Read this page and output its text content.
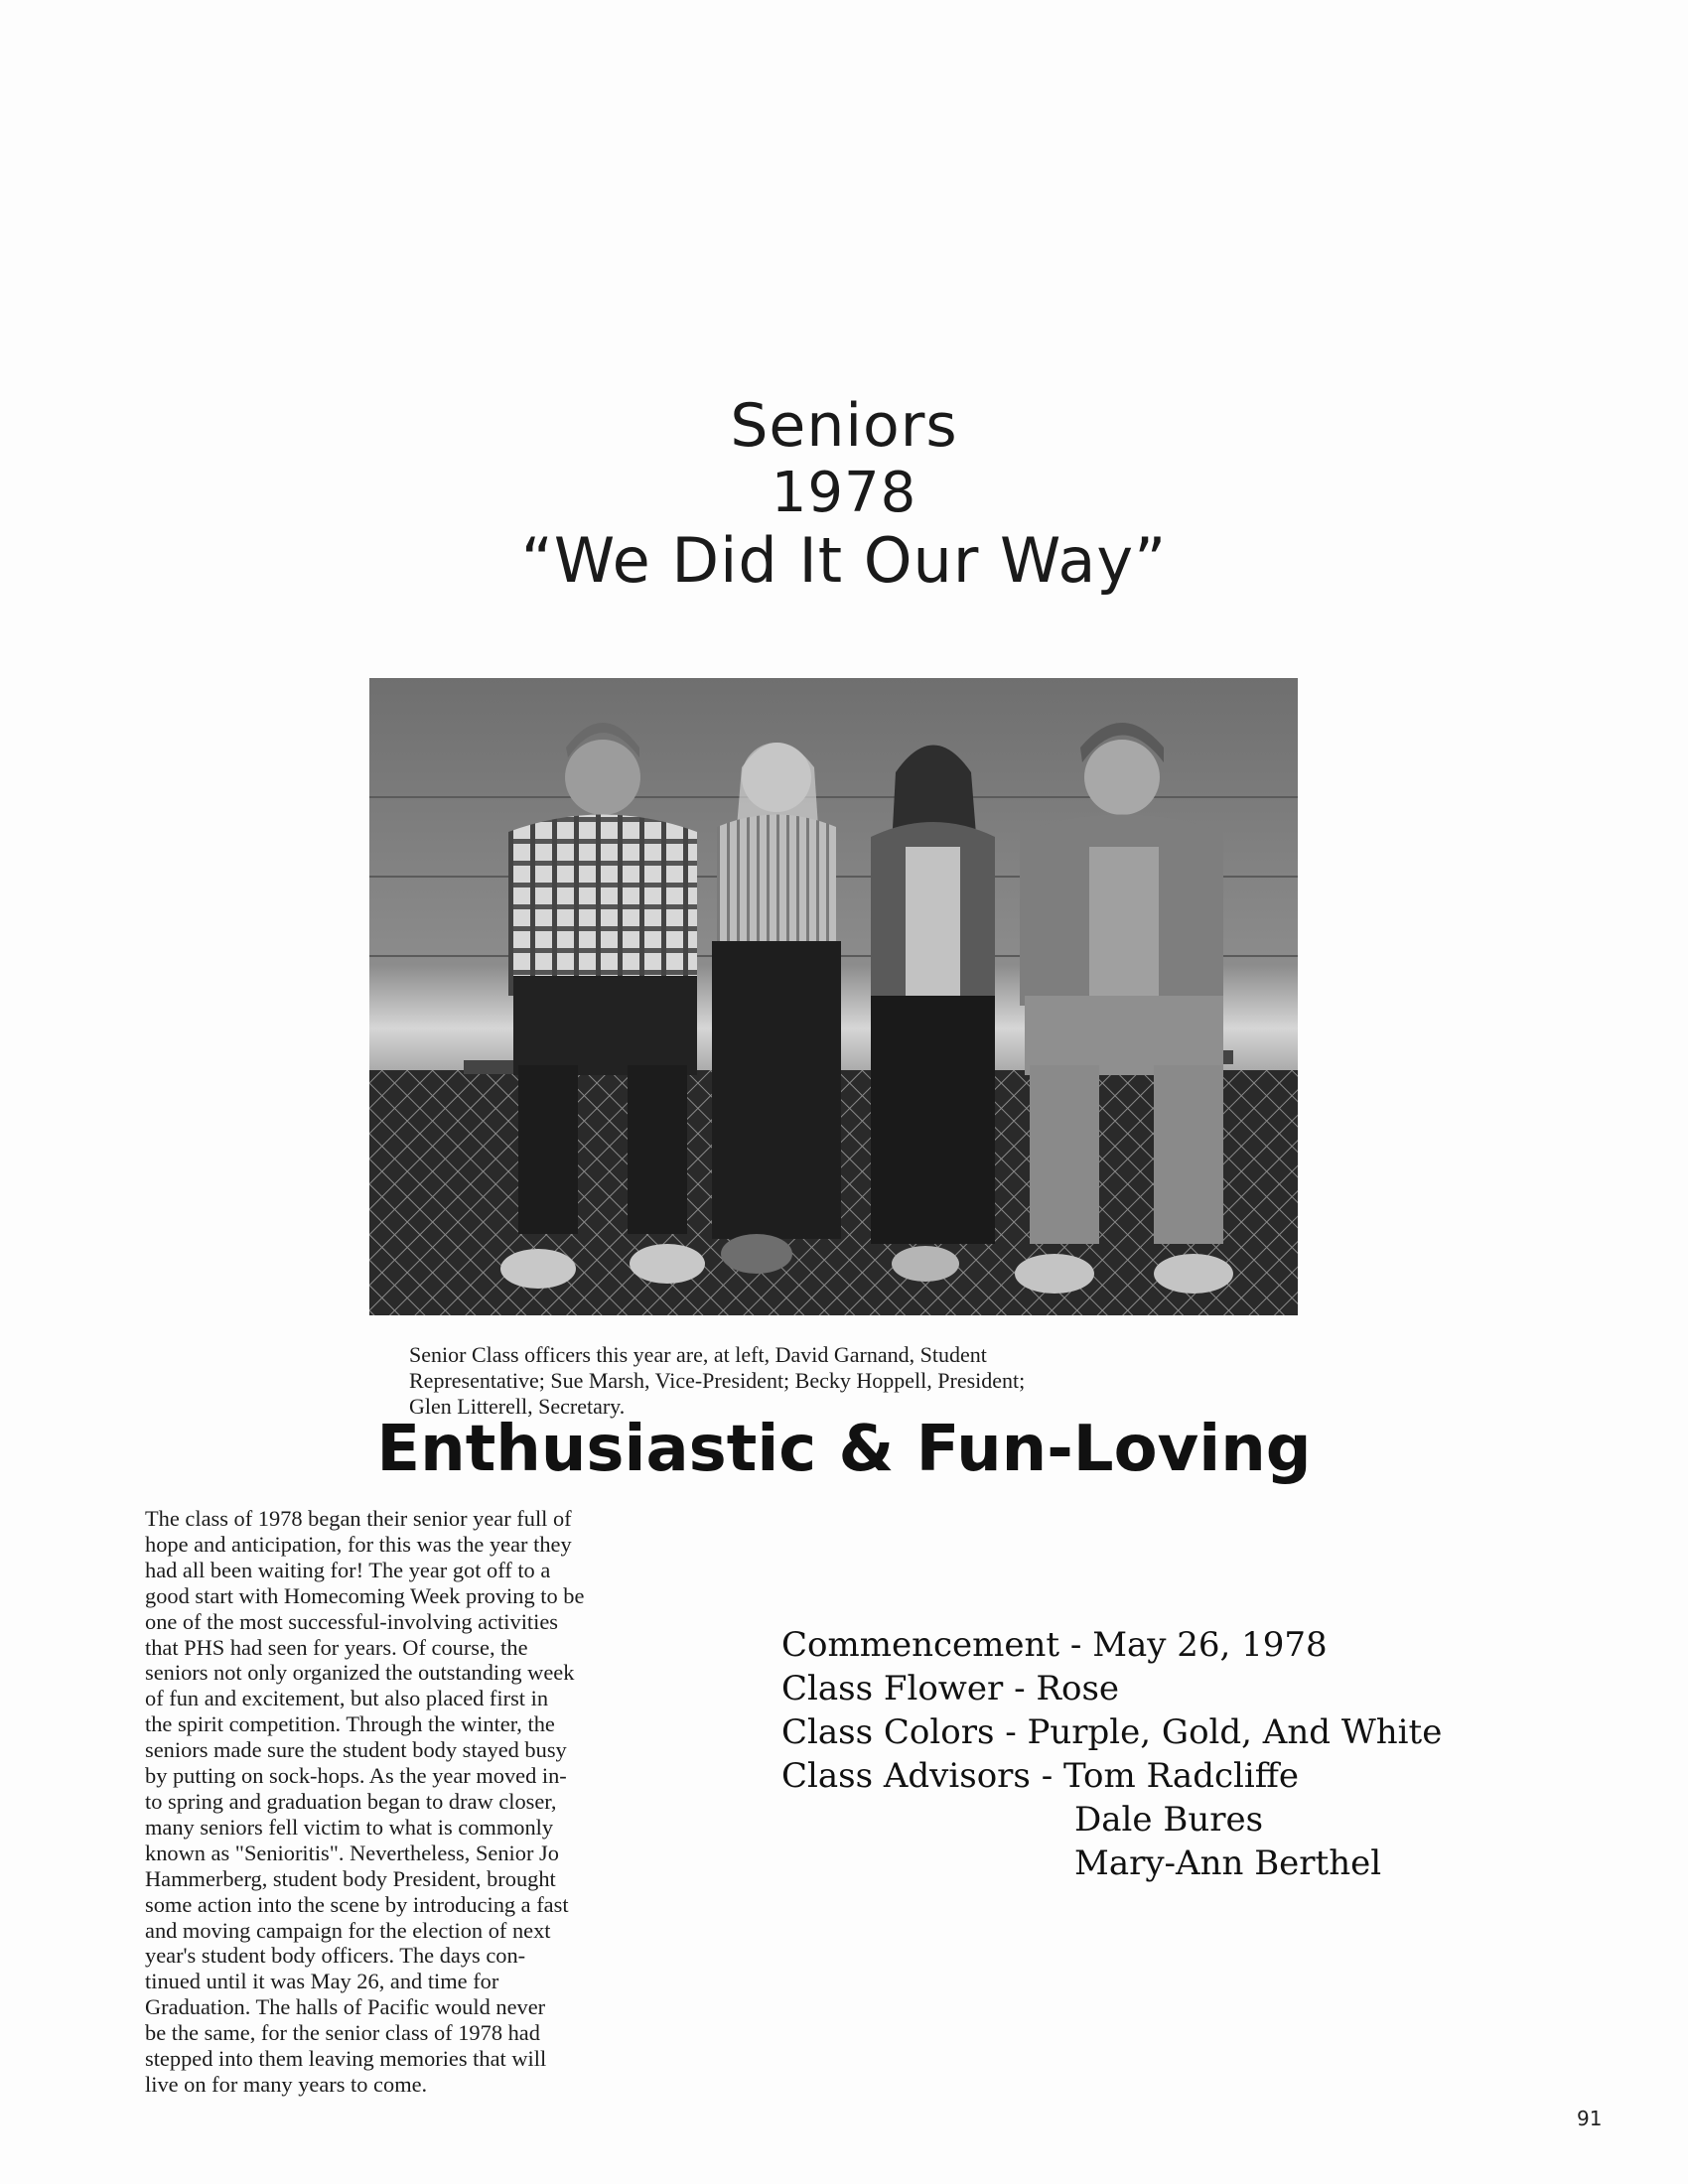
Seniors
1978
“We Did It Our Way”
Senior Class officers this year are, at left, David Garnand, Student
Representative; Sue Marsh, Vice-President; Becky Hoppell, President;
Glen Litterell, Secretary.
Enthusiastic & Fun-Loving
The class of 1978 began their senior year full of
hope and anticipation, for this was the year they
had all been waiting for! The year got off to a
good start with Homecoming Week proving to be
one of the most successful-involving activities
that PHS had seen for years. Of course, the
seniors not only organized the outstanding week
of fun and excitement, but also placed first in
the spirit competition. Through the winter, the
seniors made sure the student body stayed busy
by putting on sock-hops. As the year moved in-
to spring and graduation began to draw closer,
many seniors fell victim to what is commonly
known as "Senioritis". Nevertheless, Senior Jo
Hammerberg, student body President, brought
some action into the scene by introducing a fast
and moving campaign for the election of next
year's student body officers. The days con-
tinued until it was May 26, and time for
Graduation. The halls of Pacific would never
be the same, for the senior class of 1978 had
stepped into them leaving memories that will
live on for many years to come.
Commencement - May 26, 1978
Class Flower - Rose
Class Colors - Purple, Gold, And White
Class Advisors - Tom Radcliffe
Dale Bures
Mary-Ann Berthel
91
